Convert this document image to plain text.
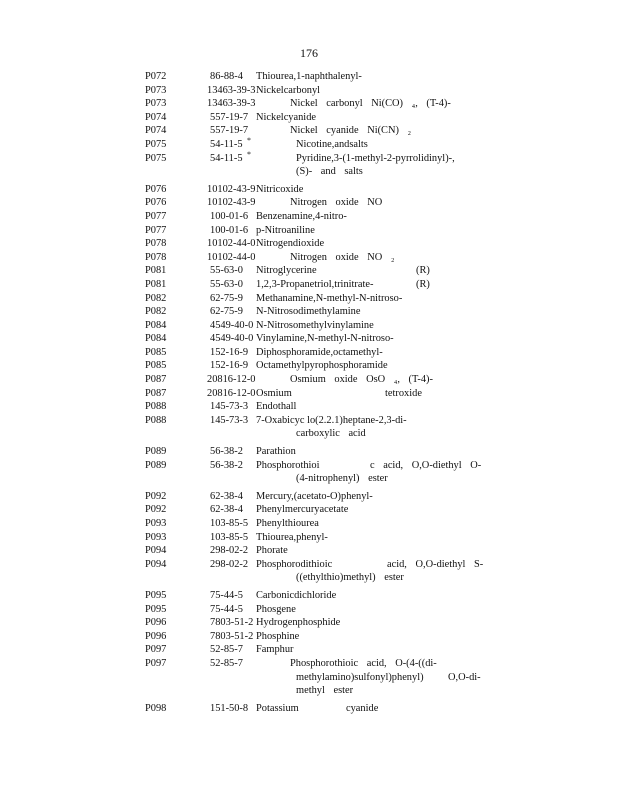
176
P072	86-88-4 Thiourea,1-naphthalenyl-
P073	13463-39-3 Nickelcarbonyl
P073	13463-39-3	Nickel carbonyl Ni(CO) ₄, (T-4)-
P074	557-19-7 Nickelcyanide
P074	557-19-7	Nickel cyanide Ni(CN) ₂
P075	54-11-5 *	Nicotine,andsalts
P075	54-11-5 *	Pyridine,3-(1-methyl-2-pyrrolidinyl)-,
(S)- and salts
P076	10102-43-9 Nitricoxide
P076	10102-43-9	Nitrogen oxide NO
P077	100-01-6 Benzenamine,4-nitro-
P077	100-01-6 p-Nitroaniline
P078	10102-44-0 Nitrogendioxide
P078	10102-44-0	Nitrogen oxide NO ₂
P081	55-63-0 Nitroglycerine	(R)
P081	55-63-0 1,2,3-Propanetriol,trinitrate-	(R)
P082	62-75-9 Methanamine,N-methyl-N-nitroso-
P082	62-75-9 N-Nitrosodimethylamine
P084	4549-40-0 N-Nitrosomethylvinylamine
P084	4549-40-0 Vinylamine,N-methyl-N-nitroso-
P085	152-16-9 Diphosphoramide,octamethyl-
P085	152-16-9 Octamethylpyrophosphoramide
P087	20816-12-0	Osmium oxide OsO ₄, (T-4)-
P087	20816-12-0 Osmium	tetroxide
P088	145-73-3 Endothall
P088	145-73-3 7-Oxabicyc lo(2.2.1)heptane-2,3-di-
carboxylic acid
P089	56-38-2 Parathion
P089	56-38-2 Phosphorothioi	c acid, O,O-diethyl O-
(4-nitrophenyl) ester
P092	62-38-4 Mercury,(acetato-O)phenyl-
P092	62-38-4 Phenylmercuryacetate
P093	103-85-5 Phenylthiourea
P093	103-85-5 Thiourea,phenyl-
P094	298-02-2 Phorate
P094	298-02-2 Phosphorodithioic	acid, O,O-diethyl S-
((ethylthio)methyl) ester
P095	75-44-5 Carbonicdichloride
P095	75-44-5 Phosgene
P096	7803-51-2 Hydrogenphosphide
P096	7803-51-2 Phosphine
P097	52-85-7 Famphur
P097	52-85-7	Phosphorothioic acid, O-(4-((di-
methylamino)sulfonyl)phenyl) O,O-di-
methyl ester
P098	151-50-8 Potassium	cyanide
